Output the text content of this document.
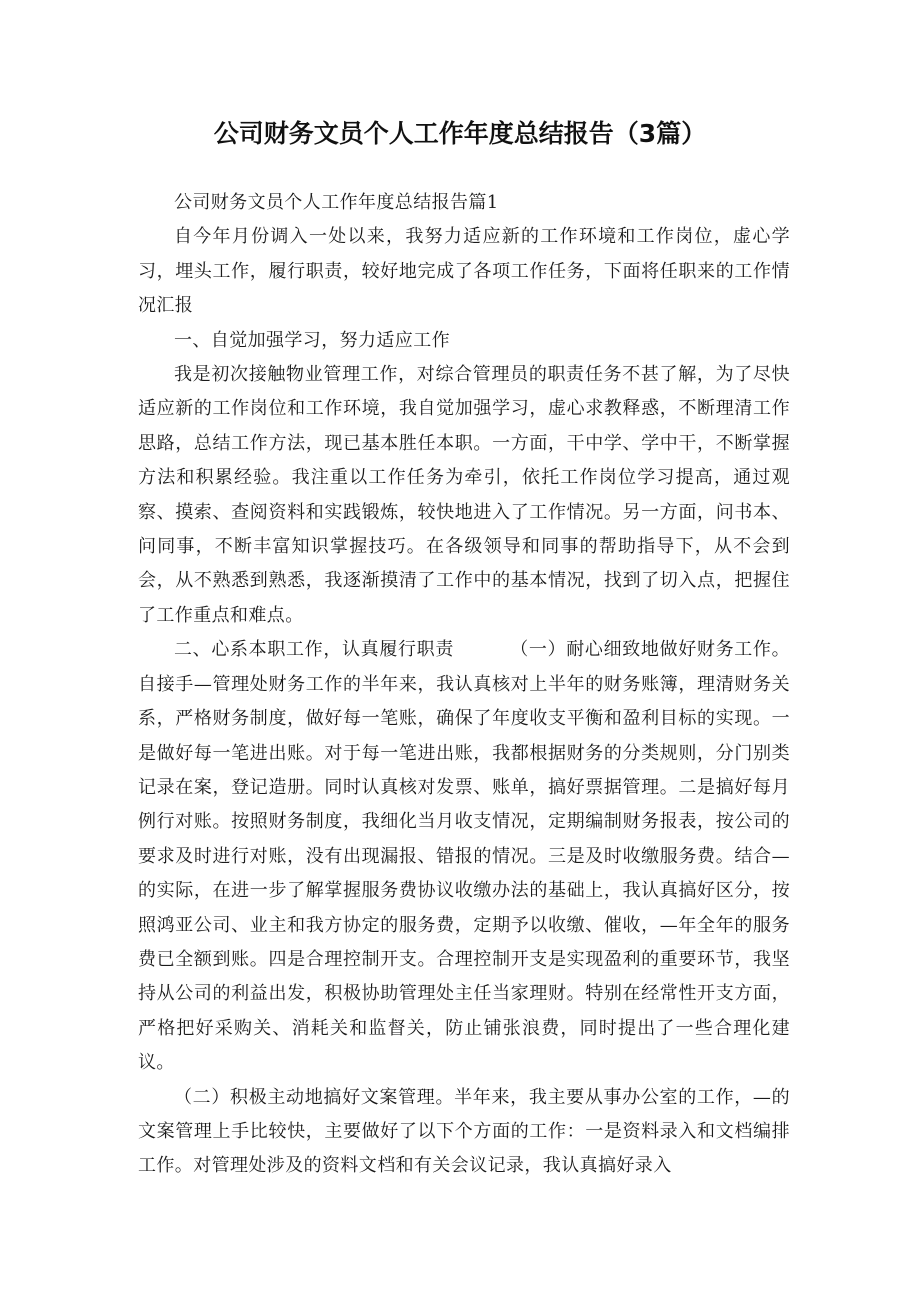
公司财务文员个人工作年度总结报告（3篇）

公司财务文员个人工作年度总结报告篇1

自今年月份调入一处以来，我努力适应新的工作环境和工作岗位，虚心学习，埋头工作，履行职责，较好地完成了各项工作任务，下面将任职来的工作情况汇报

一、自觉加强学习，努力适应工作

我是初次接触物业管理工作，对综合管理员的职责任务不甚了解，为了尽快适应新的工作岗位和工作环境，我自觉加强学习，虚心求教释惑，不断理清工作思路，总结工作方法，现已基本胜任本职。一方面，干中学、学中干，不断掌握方法和积累经验。我注重以工作任务为牵引，依托工作岗位学习提高，通过观察、摸索、查阅资料和实践锻炼，较快地进入了工作情况。另一方面，问书本、问同事，不断丰富知识掌握技巧。在各级领导和同事的帮助指导下，从不会到会，从不熟悉到熟悉，我逐渐摸清了工作中的基本情况，找到了切入点，把握住了工作重点和难点。

二、心系本职工作，认真履行职责	（一）耐心细致地做好财务工作。自接手—管理处财务工作的半年来，我认真核对上半年的财务账簿，理清财务关系，严格财务制度，做好每一笔账，确保了年度收支平衡和盈利目标的实现。一是做好每一笔进出账。对于每一笔进出账，我都根据财务的分类规则，分门别类记录在案，登记造册。同时认真核对发票、账单，搞好票据管理。二是搞好每月例行对账。按照财务制度，我细化当月收支情况，定期编制财务报表，按公司的要求及时进行对账，没有出现漏报、错报的情况。三是及时收缴服务费。结合—的实际，在进一步了解掌握服务费协议收缴办法的基础上，我认真搞好区分，按照鸿亚公司、业主和我方协定的服务费，定期予以收缴、催收，—年全年的服务费已全额到账。四是合理控制开支。合理控制开支是实现盈利的重要环节，我坚持从公司的利益出发，积极协助管理处主任当家理财。特别在经常性开支方面，严格把好采购关、消耗关和监督关，防止铺张浪费，同时提出了一些合理化建议。

（二）积极主动地搞好文案管理。半年来，我主要从事办公室的工作，—的文案管理上手比较快，主要做好了以下个方面的工作：一是资料录入和文档编排工作。对管理处涉及的资料文档和有关会议记录，我认真搞好录入
